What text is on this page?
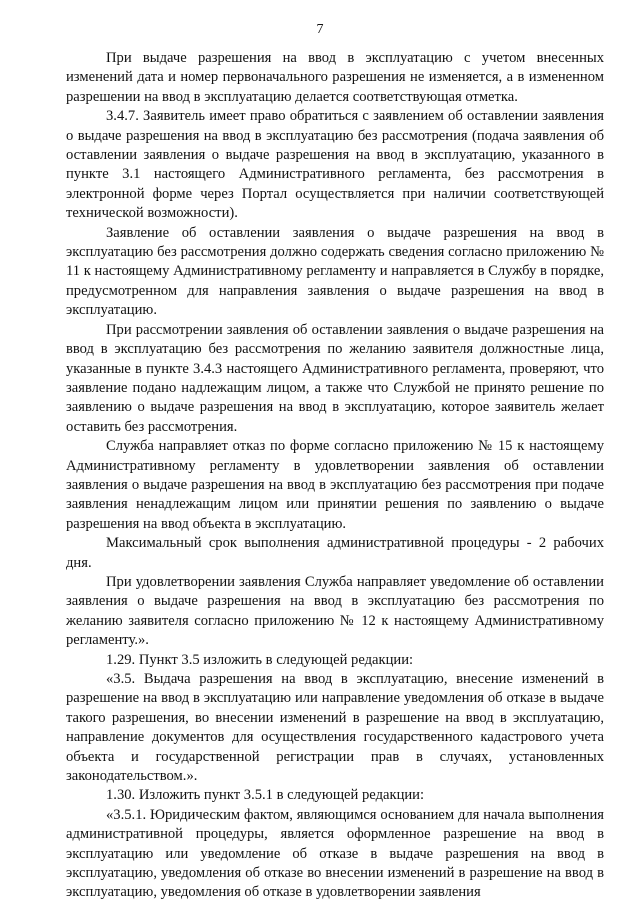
7

При выдаче разрешения на ввод в эксплуатацию с учетом внесенных изменений дата и номер первоначального разрешения не изменяется, а в измененном разрешении на ввод в эксплуатацию делается соответствующая отметка.

3.4.7. Заявитель имеет право обратиться с заявлением об оставлении заявления о выдаче разрешения на ввод в эксплуатацию без рассмотрения (подача заявления об оставлении заявления о выдаче разрешения на ввод в эксплуатацию, указанного в пункте 3.1 настоящего Административного регламента, без рассмотрения в электронной форме через Портал осуществляется при наличии соответствующей технической возможности).

Заявление об оставлении заявления о выдаче разрешения на ввод в эксплуатацию без рассмотрения должно содержать сведения согласно приложению № 11 к настоящему Административному регламенту и направляется в Службу в порядке, предусмотренном для направления заявления о выдаче разрешения на ввод в эксплуатацию.

При рассмотрении заявления об оставлении заявления о выдаче разрешения на ввод в эксплуатацию без рассмотрения по желанию заявителя должностные лица, указанные в пункте 3.4.3 настоящего Административного регламента, проверяют, что заявление подано надлежащим лицом, а также что Службой не принято решение по заявлению о выдаче разрешения на ввод в эксплуатацию, которое заявитель желает оставить без рассмотрения.

Служба направляет отказ по форме согласно приложению № 15 к настоящему Административному регламенту в удовлетворении заявления об оставлении заявления о выдаче разрешения на ввод в эксплуатацию без рассмотрения при подаче заявления ненадлежащим лицом или принятии решения по заявлению о выдаче разрешения на ввод объекта в эксплуатацию.

Максимальный срок выполнения административной процедуры - 2 рабочих дня.

При удовлетворении заявления Служба направляет уведомление об оставлении заявления о выдаче разрешения на ввод в эксплуатацию без рассмотрения по желанию заявителя согласно приложению № 12 к настоящему Административному регламенту.».

1.29. Пункт 3.5 изложить в следующей редакции:

«3.5. Выдача разрешения на ввод в эксплуатацию, внесение изменений в разрешение на ввод в эксплуатацию или направление уведомления об отказе в выдаче такого разрешения, во внесении изменений в разрешение на ввод в эксплуатацию, направление документов для осуществления государственного кадастрового учета объекта и государственной регистрации прав в случаях, установленных законодательством.».

1.30. Изложить пункт 3.5.1 в следующей редакции:

«3.5.1. Юридическим фактом, являющимся основанием для начала выполнения административной процедуры, является оформленное разрешение на ввод в эксплуатацию или уведомление об отказе в выдаче разрешения на ввод в эксплуатацию, уведомления об отказе во внесении изменений в разрешение на ввод в эксплуатацию, уведомления об отказе в удовлетворении заявления
